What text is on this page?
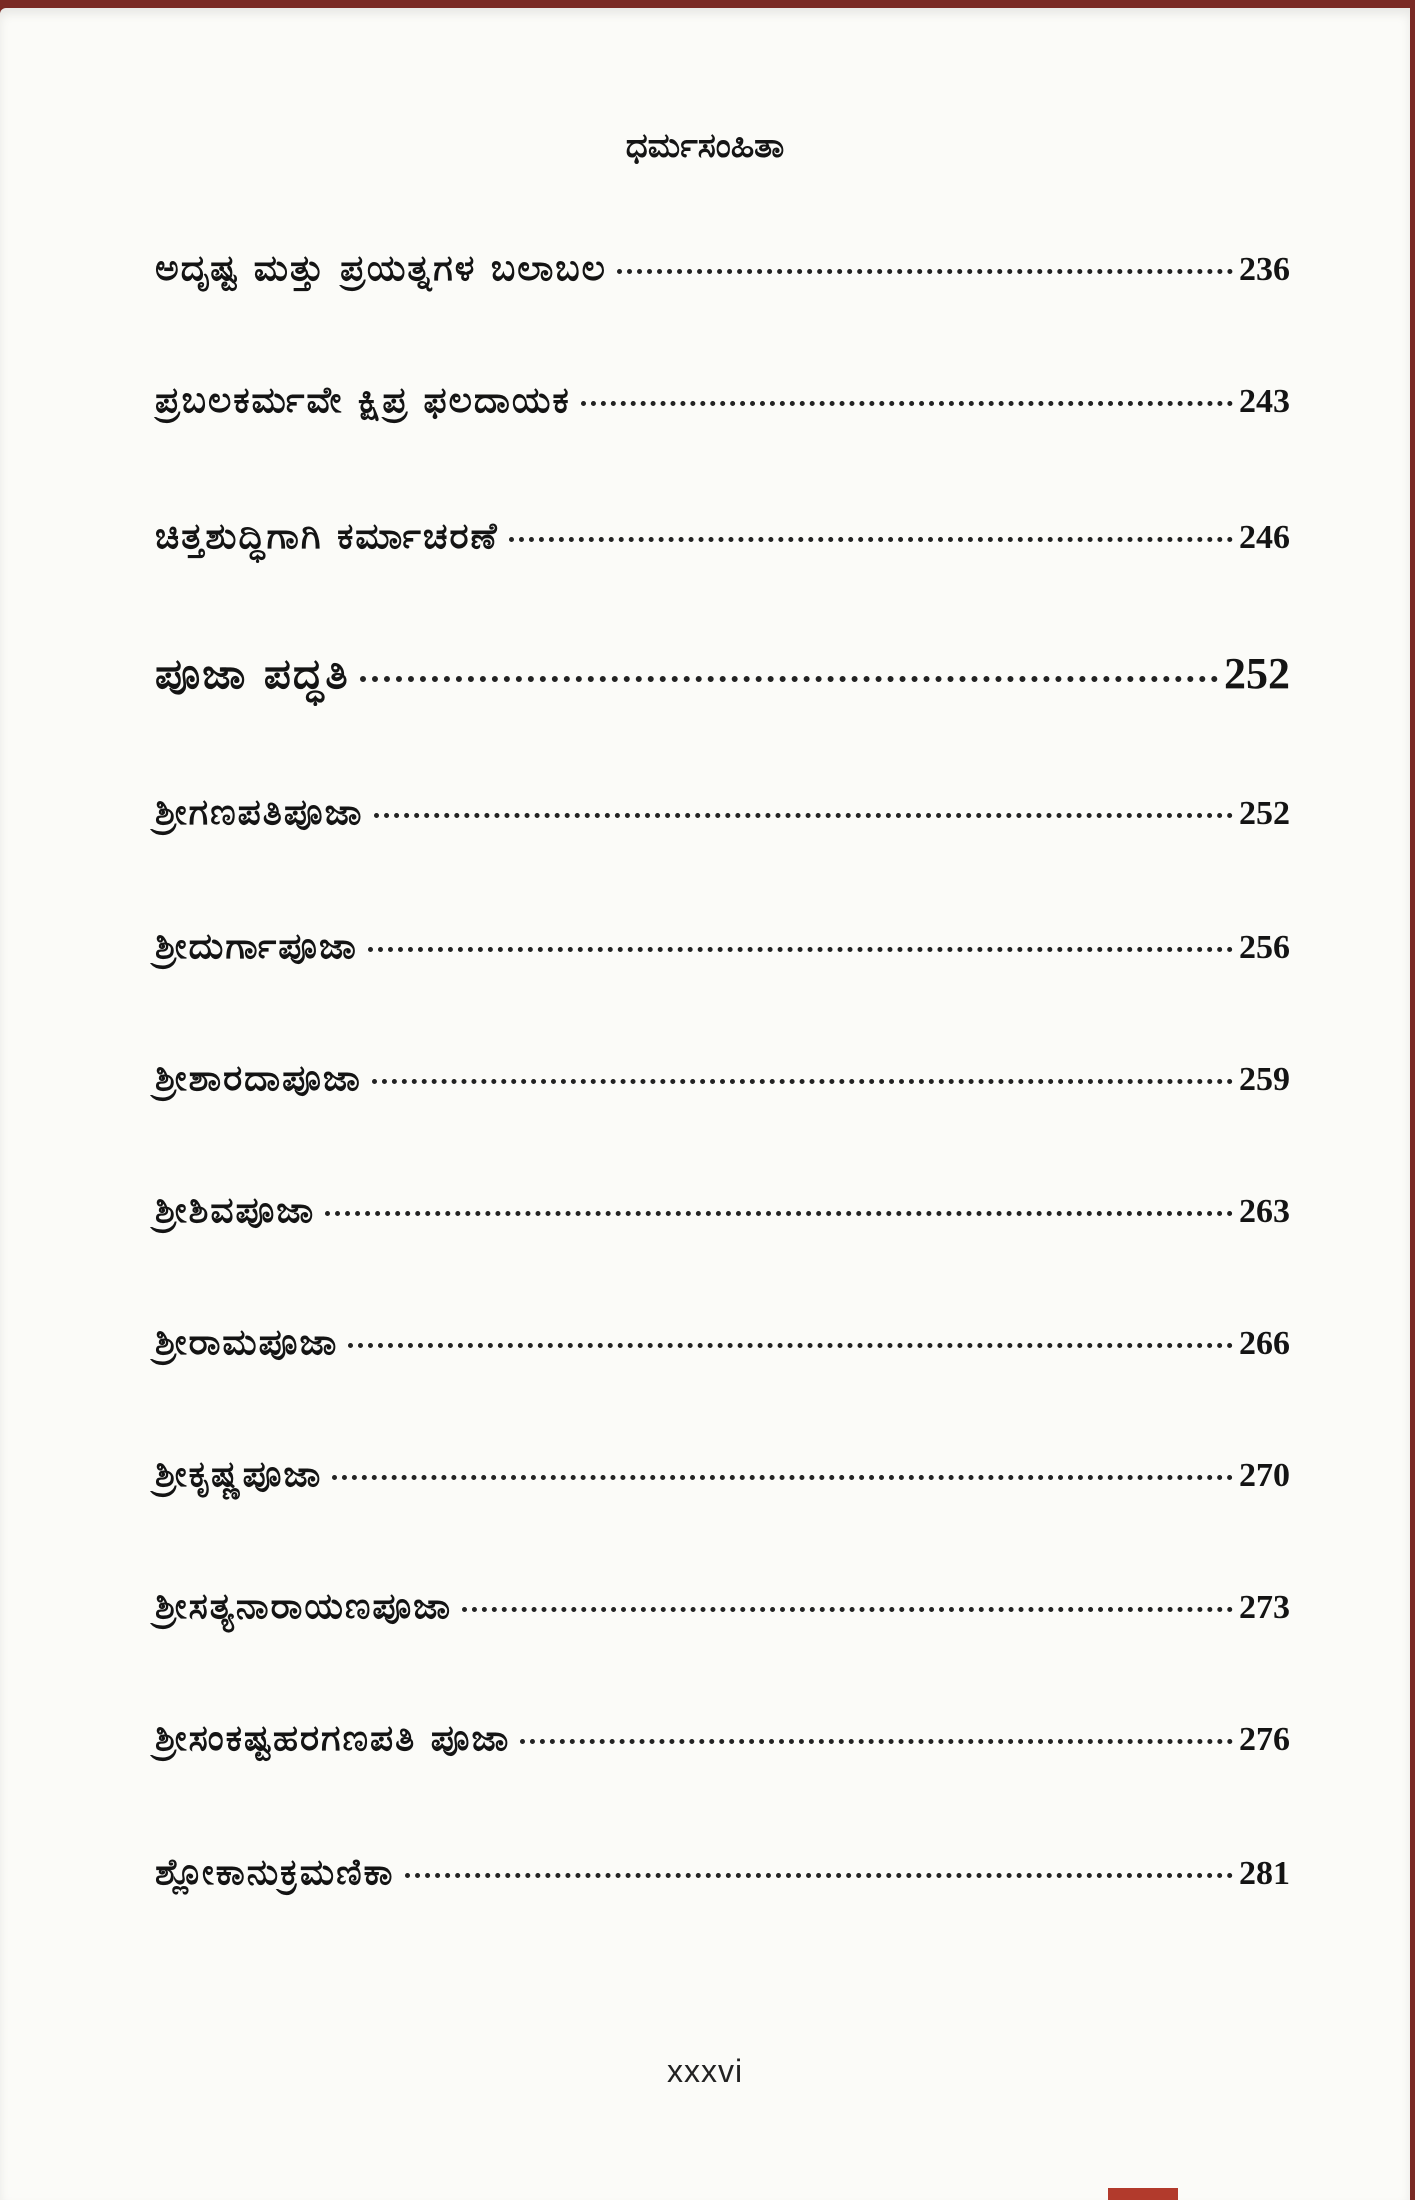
ಧರ್ಮಸಂಹಿತಾ
ಅದೃಷ್ಟ ಮತ್ತು ಪ್ರಯತ್ನಗಳ ಬಲಾಬಲ	236
ಪ್ರಬಲಕರ್ಮವೇ ಕ್ಷಿಪ್ರ ಫಲದಾಯಕ	243
ಚಿತ್ತಶುದ್ಧಿಗಾಗಿ ಕರ್ಮಾಚರಣೆ	246
ಪೂಜಾ ಪದ್ಧತಿ	252
ಶ್ರೀಗಣಪತಿಪೂಜಾ	252
ಶ್ರೀದುರ್ಗಾಪೂಜಾ	256
ಶ್ರೀಶಾರದಾಪೂಜಾ	259
ಶ್ರೀಶಿವಪೂಜಾ	263
ಶ್ರೀರಾಮಪೂಜಾ	266
ಶ್ರೀಕೃಷ್ಣಪೂಜಾ	270
ಶ್ರೀಸತ್ಯನಾರಾಯಣಪೂಜಾ	273
ಶ್ರೀಸಂಕಷ್ಟಹರಗಣಪತಿ ಪೂಜಾ	276
ಶ್ಲೋಕಾನುಕ್ರಮಣಿಕಾ	281
xxxvi
